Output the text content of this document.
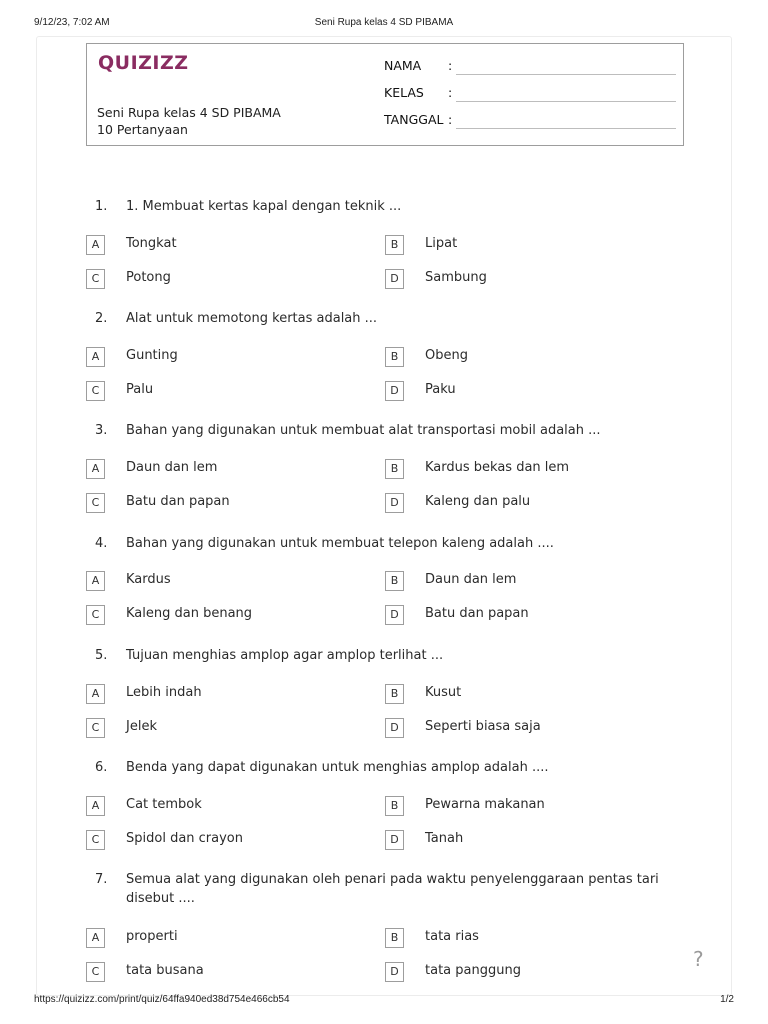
9/12/23, 7:02 AM	Seni Rupa kelas 4 SD PIBAMA
QUIZIZZ
Seni Rupa kelas 4 SD PIBAMA
10 Pertanyaan
NAMA :
KELAS :
TANGGAL :
1. 1. Membuat kertas kapal dengan teknik ...
A	Tongkat	B	Lipat
C	Potong	D	Sambung
2. Alat untuk memotong kertas adalah ...
A	Gunting	B	Obeng
C	Palu	D	Paku
3. Bahan yang digunakan untuk membuat alat transportasi mobil adalah ...
A	Daun dan lem	B	Kardus bekas dan lem
C	Batu dan papan	D	Kaleng dan palu
4. Bahan yang digunakan untuk membuat telepon kaleng adalah ....
A	Kardus	B	Daun dan lem
C	Kaleng dan benang	D	Batu dan papan
5. Tujuan menghias amplop agar amplop terlihat ...
A	Lebih indah	B	Kusut
C	Jelek	D	Seperti biasa saja
6. Benda yang dapat digunakan untuk menghias amplop adalah ....
A	Cat tembok	B	Pewarna makanan
C	Spidol dan crayon	D	Tanah
7. Semua alat yang digunakan oleh penari pada waktu penyelenggaraan pentas tari disebut ....
A	properti	B	tata rias
C	tata busana	D	tata panggung	?
https://quizizz.com/print/quiz/64ffa940ed38d754e466cb54	1/2
